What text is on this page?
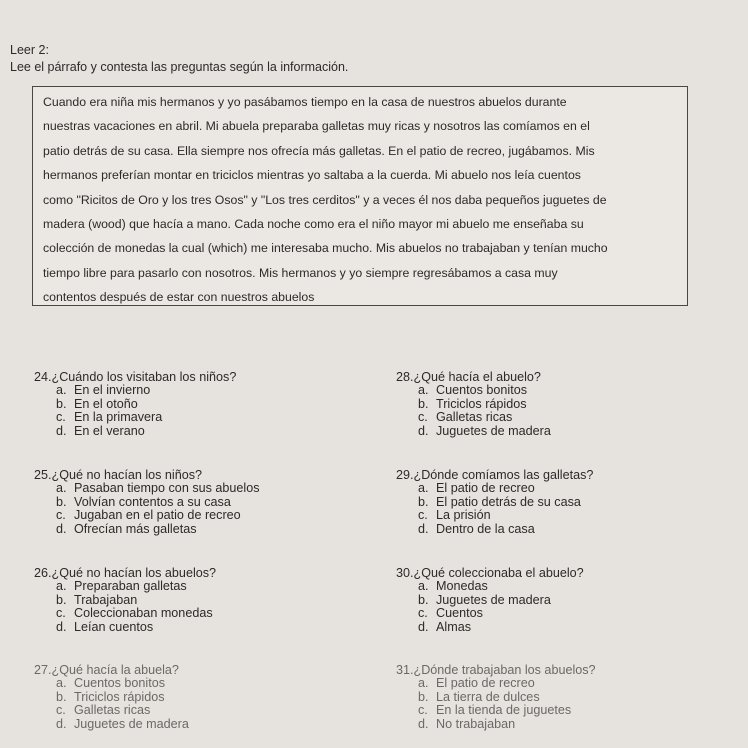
Leer 2:
Lee el párrafo y contesta las preguntas según la información.
Cuando era niña mis hermanos y yo pasábamos tiempo en la casa de nuestros abuelos durante
nuestras vacaciones en abril. Mi abuela preparaba galletas muy ricas y nosotros las comíamos en el
patio detrás de su casa. Ella siempre nos ofrecía más galletas. En el patio de recreo, jugábamos. Mis
hermanos preferían montar en triciclos mientras yo saltaba a la cuerda. Mi abuelo nos leía cuentos
como "Ricitos de Oro y los tres Osos" y "Los tres cerditos" y a veces él nos daba pequeños juguetes de
madera (wood) que hacía a mano. Cada noche como era el niño mayor mi abuelo me enseñaba su
colección de monedas la cual (which) me interesaba mucho. Mis abuelos no trabajaban y tenían mucho
tiempo libre para pasarlo con nosotros. Mis hermanos y yo siempre regresábamos a casa muy
contentos después de estar con nuestros abuelos
24.¿Cuándo los visitaban los niños?
a. En el invierno
b. En el otoño
c. En la primavera
d. En el verano
25.¿Qué no hacían los niños?
a. Pasaban tiempo con sus abuelos
b. Volvían contentos a su casa
c. Jugaban en el patio de recreo
d. Ofrecían más galletas
26.¿Qué no hacían los abuelos?
a. Preparaban galletas
b. Trabajaban
c. Coleccionaban monedas
d. Leían cuentos
27.¿Qué hacía la abuela?
a. Cuentos bonitos
b. Triciclos rápidos
c. Galletas ricas
d. Juguetes de madera
28.¿Qué hacía el abuelo?
a. Cuentos bonitos
b. Triciclos rápidos
c. Galletas ricas
d. Juguetes de madera
29.¿Dónde comíamos las galletas?
a. El patio de recreo
b. El patio detrás de su casa
c. La prisión
d. Dentro de la casa
30.¿Qué coleccionaba el abuelo?
a. Monedas
b. Juguetes de madera
c. Cuentos
d. Almas
31.¿Dónde trabajaban los abuelos?
a. El patio de recreo
b. La tierra de dulces
c. En la tienda de juguetes
d. No trabajaban
